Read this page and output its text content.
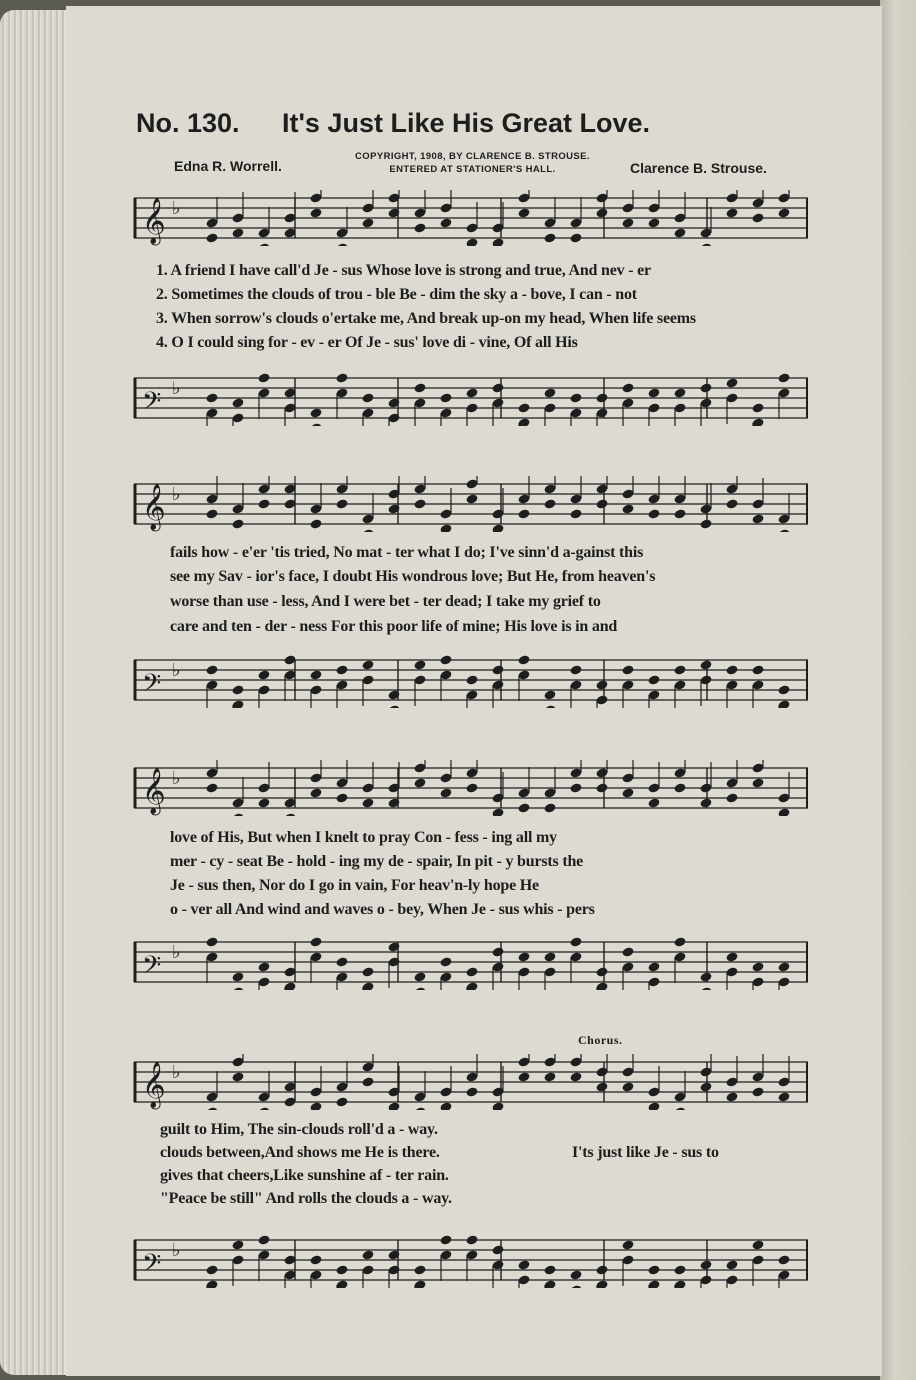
No. 130. It's Just Like His Great Love.
Edna R. Worrell.
COPYRIGHT, 1908, BY CLARENCE B. STROUSE.
ENTERED AT STATIONER'S HALL.	Clarence B. Strouse.
𝄞 ♭
𝄢 ♭
𝄞 ♭
𝄢 ♭
𝄞 ♭
𝄢 ♭
𝄞 ♭
𝄢 ♭
1. A friend I have call'd Je - sus Whose love is strong and true, And nev - er
2. Sometimes the clouds of trou - ble Be - dim the sky a - bove, I can - not
3. When sorrow's clouds o'ertake me, And break up-on my head, When life seems
4. O I could sing for - ev - er Of Je - sus' love di - vine, Of all His
fails how - e'er 'tis tried, No mat - ter what I do; I've sinn'd a-gainst this
see my Sav - ior's face, I doubt His wondrous love; But He, from heaven's
worse than use - less, And I were bet - ter dead; I take my grief to
care and ten - der - ness For this poor life of mine; His love is in and
love of His, But when I knelt to pray Con - fess - ing all my
mer - cy - seat Be - hold - ing my de - spair, In pit - y bursts the
Je - sus then, Nor do I go in vain, For heav'n-ly hope He
o - ver all And wind and waves o - bey, When Je - sus whis - pers
Chorus.
guilt to Him, The sin-clouds roll'd a - way.
clouds between,And shows me He is there.
gives that cheers,Like sunshine af - ter rain.
"Peace be still" And rolls the clouds a - way.
I'ts just like Je - sus to
